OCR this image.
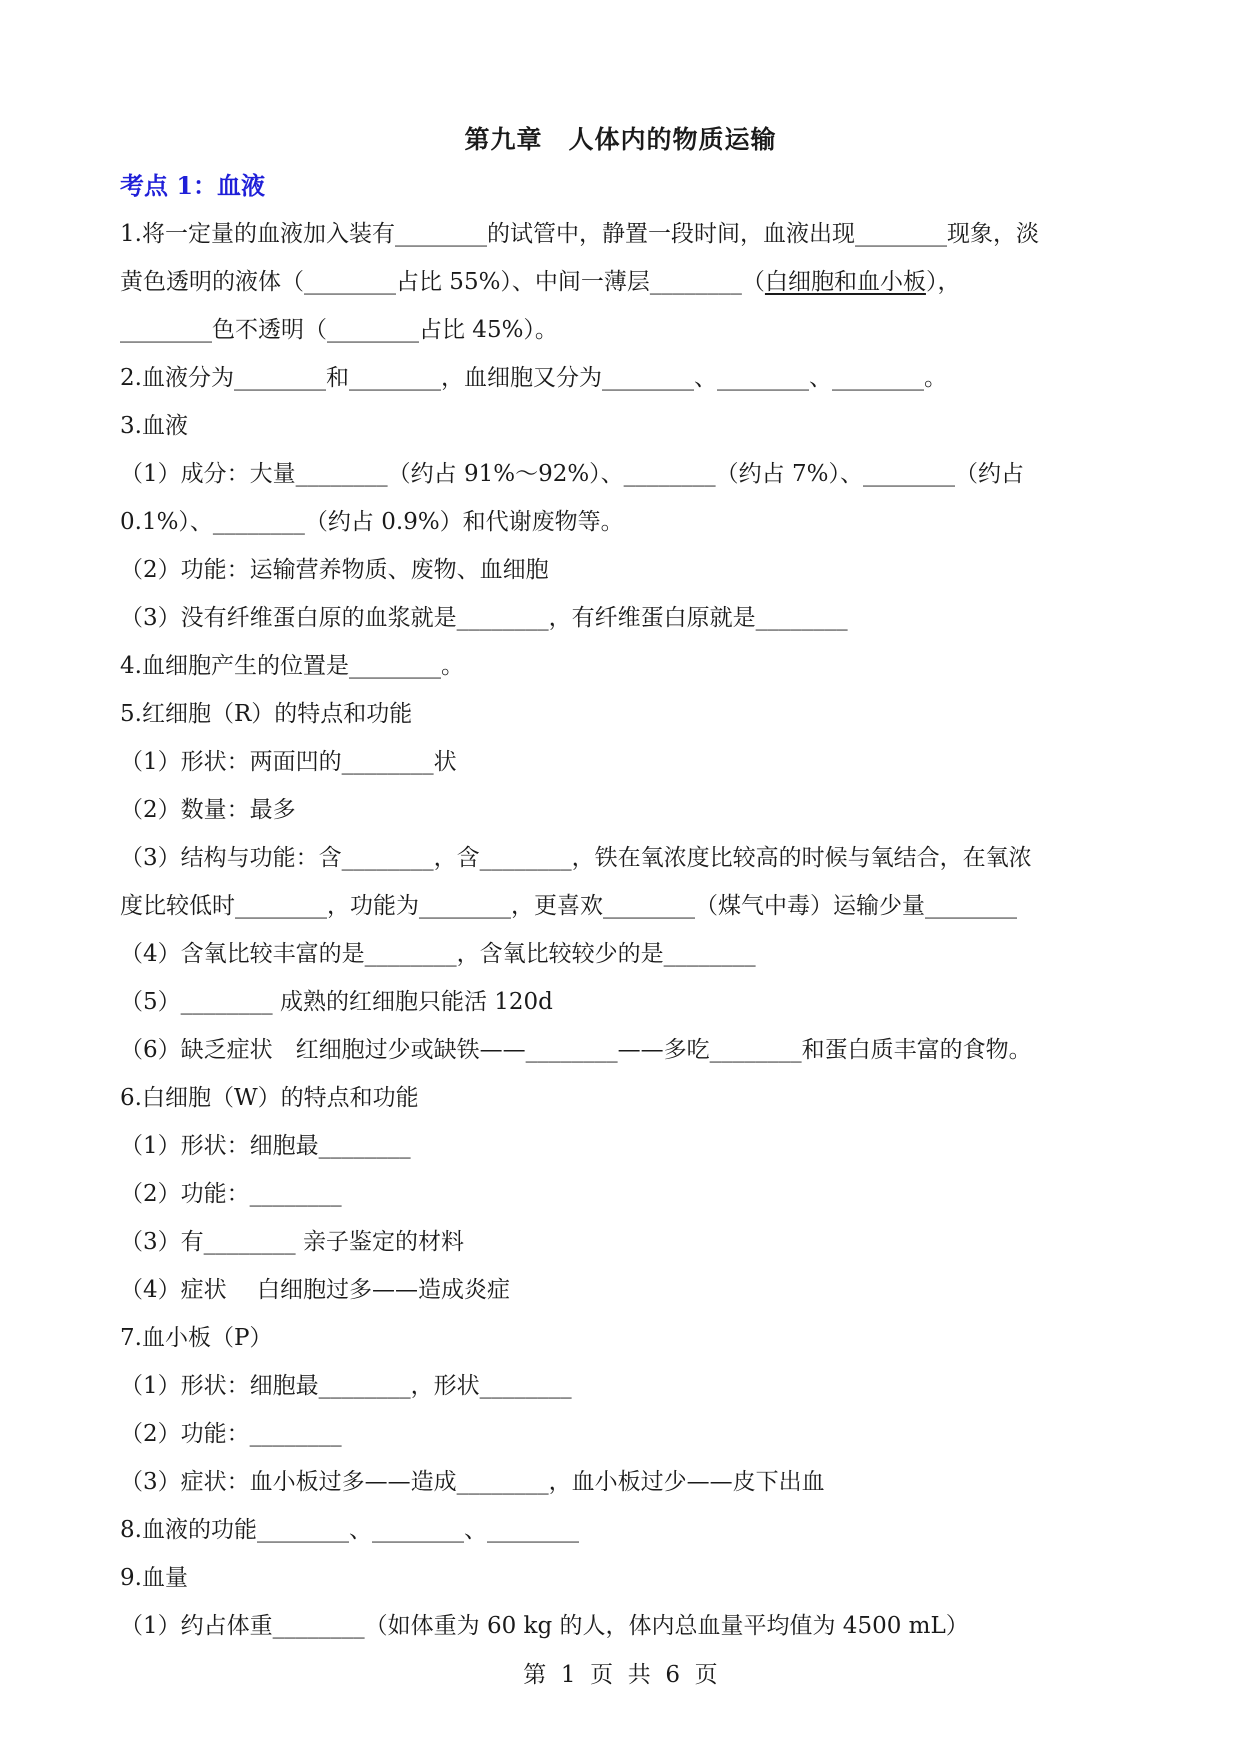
第九章　人体内的物质运输
考点 1：血液
1.将一定量的血液加入装有________的试管中，静置一段时间，血液出现________现象，淡
黄色透明的液体（________占比 55%）、中间一薄层________（白细胞和血小板），
________色不透明（________占比 45%）。
2.血液分为________和________，血细胞又分为________、________、________。
3.血液
（1）成分：大量________（约占 91%～92%）、________（约占 7%）、________（约占
0.1%）、________（约占 0.9%）和代谢废物等。
（2）功能：运输营养物质、废物、血细胞
（3）没有纤维蛋白原的血浆就是________，有纤维蛋白原就是________
4.血细胞产生的位置是________。
5.红细胞（R）的特点和功能
（1）形状：两面凹的________状
（2）数量：最多
（3）结构与功能：含________，含________，铁在氧浓度比较高的时候与氧结合，在氧浓
度比较低时________，功能为________，更喜欢________（煤气中毒）运输少量________
（4）含氧比较丰富的是________，含氧比较较少的是________
（5）________ 成熟的红细胞只能活 120d
（6）缺乏症状　红细胞过少或缺铁——________——多吃________和蛋白质丰富的食物。
6.白细胞（W）的特点和功能
（1）形状：细胞最________
（2）功能：________
（3）有________ 亲子鉴定的材料
（4）症状　 白细胞过多——造成炎症
7.血小板（P）
（1）形状：细胞最________，形状________
（2）功能：________
（3）症状：血小板过多——造成________，血小板过少——皮下出血
8.血液的功能________、________、________
9.血量
（1）约占体重________（如体重为 60 kg 的人，体内总血量平均值为 4500 mL）
第  1  页  共  6  页
